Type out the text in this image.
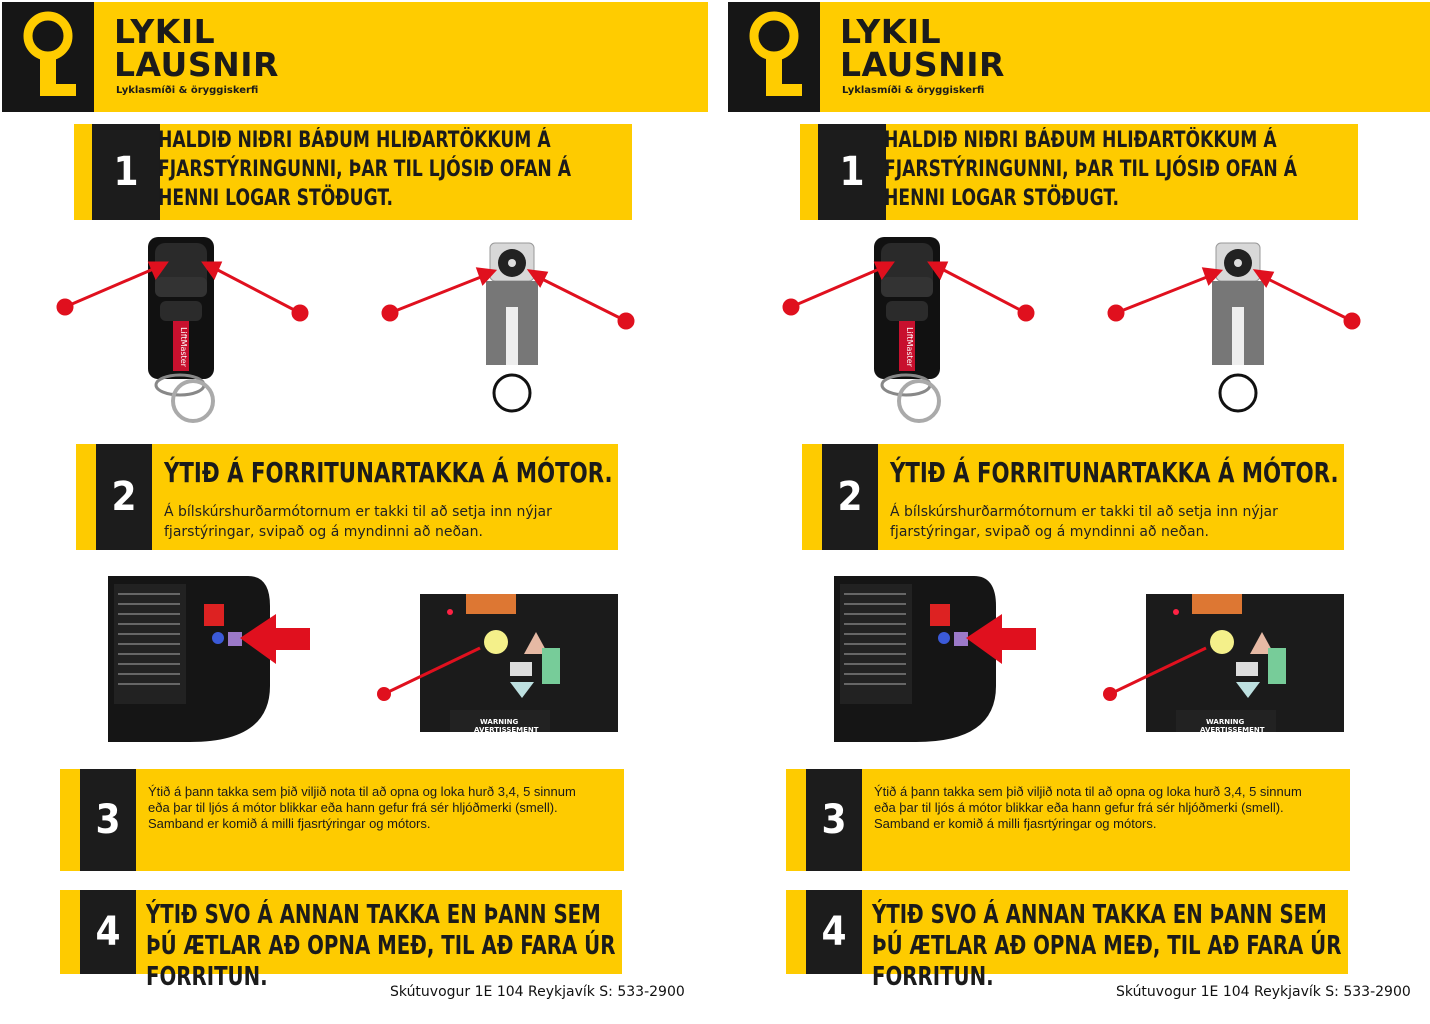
LYKIL
LAUSNIR
Lyklasmíði & öryggiskerfi
1
HALDIÐ NIÐRI BÁÐUM HLIÐARTÖKKUM Á FJARSTÝRINGUNNI, ÞAR TIL LJÓSIÐ OFAN Á HENNI LOGAR STÖÐUGT.
LiftMaster
2
ÝTIÐ Á FORRITUNARTAKKA Á MÓTOR.
Á bílskúrshurðarmótornum er takki til að setja inn nýjar fjarstýringar, svipað og á myndinni að neðan.
WARNING
AVERTISSEMENT
3
Ýtið á þann takka sem þið viljið nota til að opna og loka hurð 3,4, 5 sinnum eða þar til ljós á mótor blikkar eða hann gefur frá sér hljóðmerki (smell). Samband er komið á milli fjasrtýringar og mótors.
4 ÝTIÐ SVO Á ANNAN TAKKA EN ÞANN SEM ÞÚ ÆTLAR AÐ OPNA MEÐ, TIL AÐ FARA ÚR FORRITUN.	Skútuvogur 1E 104 Reykjavík S: 533-2900
LYKIL
LAUSNIR
Lyklasmíði & öryggiskerfi
1
HALDIÐ NIÐRI BÁÐUM HLIÐARTÖKKUM Á FJARSTÝRINGUNNI, ÞAR TIL LJÓSIÐ OFAN Á HENNI LOGAR STÖÐUGT.
LiftMaster
2
ÝTIÐ Á FORRITUNARTAKKA Á MÓTOR.
Á bílskúrshurðarmótornum er takki til að setja inn nýjar fjarstýringar, svipað og á myndinni að neðan.
WARNING
AVERTISSEMENT
3
Ýtið á þann takka sem þið viljið nota til að opna og loka hurð 3,4, 5 sinnum eða þar til ljós á mótor blikkar eða hann gefur frá sér hljóðmerki (smell). Samband er komið á milli fjasrtýringar og mótors.
4 ÝTIÐ SVO Á ANNAN TAKKA EN ÞANN SEM ÞÚ ÆTLAR AÐ OPNA MEÐ, TIL AÐ FARA ÚR FORRITUN.	Skútuvogur 1E 104 Reykjavík S: 533-2900
